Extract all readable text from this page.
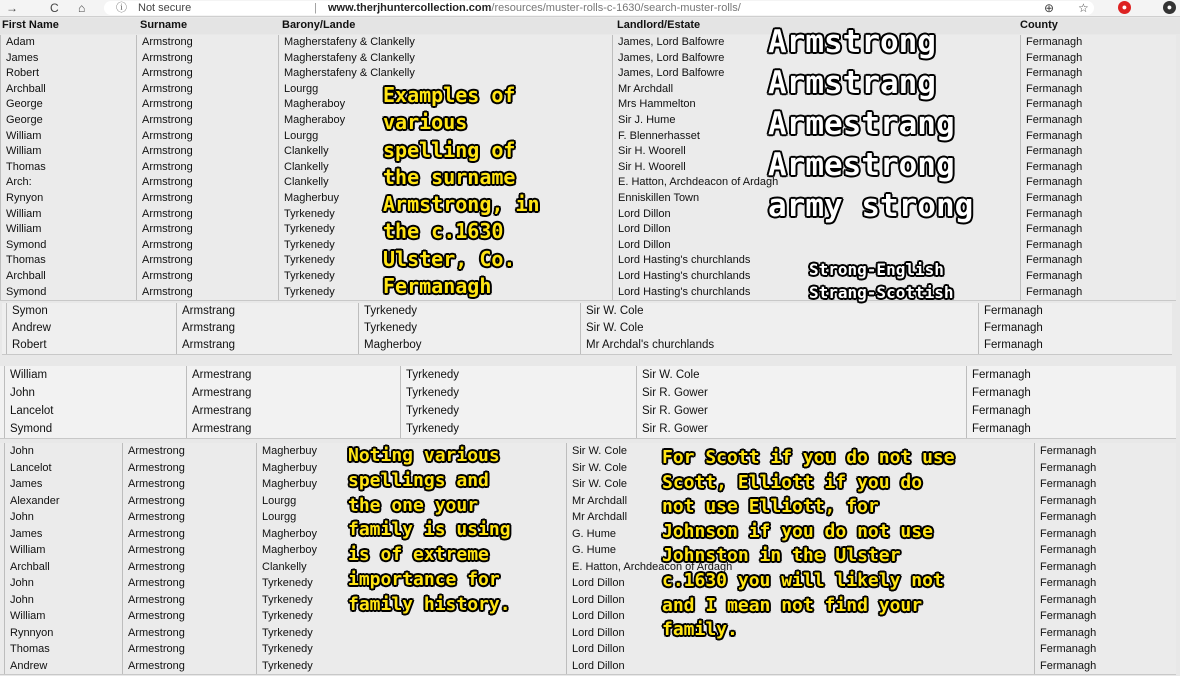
→	C ⌂	ⓘ Not secure	| www.therjhuntercollection.com/resources/muster-rolls-c-1630/search-muster-rolls/	⊕ ☆	●	●
First Name	Surname	Barony/Lande	Landlord/Estate	County
Adam	Armstrong	Magherstafeny & Clankelly	James, Lord Balfowre	Fermanagh
James	Armstrong	Magherstafeny & Clankelly	James, Lord Balfowre	Fermanagh
Robert	Armstrong	Magherstafeny & Clankelly	James, Lord Balfowre	Fermanagh
Archball	Armstrong	Lourgg	Mr Archdall	Fermanagh
George	Armstrong	Magheraboy	Mrs Hammelton	Fermanagh
George	Armstrong	Magheraboy	Sir J. Hume	Fermanagh
William	Armstrong	Lourgg	F. Blennerhasset	Fermanagh
William	Armstrong	Clankelly	Sir H. Woorell	Fermanagh
Thomas	Armstrong	Clankelly	Sir H. Woorell	Fermanagh
Arch:	Armstrong	Clankelly	E. Hatton, Archdeacon of Ardagh	Fermanagh
Rynyon	Armstrong	Magherbuy	Enniskillen Town	Fermanagh
William	Armstrong	Tyrkenedy	Lord Dillon	Fermanagh
William	Armstrong	Tyrkenedy	Lord Dillon	Fermanagh
Symond	Armstrong	Tyrkenedy	Lord Dillon	Fermanagh
Thomas	Armstrong	Tyrkenedy	Lord Hasting's churchlands	Fermanagh
Archball	Armstrong	Tyrkenedy	Lord Hasting's churchlands	Fermanagh
Symond	Armstrong	Tyrkenedy	Lord Hasting's churchlands	Fermanagh
Symon	Armstrang	Tyrkenedy	Sir W. Cole	Fermanagh
Andrew	Armstrang	Tyrkenedy	Sir W. Cole	Fermanagh
Robert	Armstrang	Magherboy	Mr Archdal's churchlands	Fermanagh
William	Armestrang	Tyrkenedy	Sir W. Cole	Fermanagh
John	Armestrang	Tyrkenedy	Sir R. Gower	Fermanagh
Lancelot	Armestrang	Tyrkenedy	Sir R. Gower	Fermanagh
Symond	Armestrang	Tyrkenedy	Sir R. Gower	Fermanagh
John	Armestrong	Magherbuy	Sir W. Cole	Fermanagh
Lancelot	Armestrong	Magherbuy	Sir W. Cole	Fermanagh
James	Armestrong	Magherbuy	Sir W. Cole	Fermanagh
Alexander	Armestrong	Lourgg	Mr Archdall	Fermanagh
John	Armestrong	Lourgg	Mr Archdall	Fermanagh
James	Armestrong	Magherboy	G. Hume	Fermanagh
William	Armestrong	Magherboy	G. Hume	Fermanagh
Archball	Armestrong	Clankelly	E. Hatton, Archdeacon of Ardagh	Fermanagh
John	Armestrong	Tyrkenedy	Lord Dillon	Fermanagh
John	Armestrong	Tyrkenedy	Lord Dillon	Fermanagh
William	Armestrong	Tyrkenedy	Lord Dillon	Fermanagh
Rynnyon	Armestrong	Tyrkenedy	Lord Dillon	Fermanagh
Thomas	Armestrong	Tyrkenedy	Lord Dillon	Fermanagh
Andrew	Armestrong	Tyrkenedy	Lord Dillon	Fermanagh
Armstrong
Armstrang
Armestrang
Armestrong
army strong
Examples of
various
spelling of
the surname
Armstrong, in
the c.1630
Ulster, Co.
Fermanagh
Strong-English
Strang-Scottish
Noting various
spellings and
the one your
family is using
is of extreme
importance for
family history.
For Scott if you do not use
Scott, Elliott if you do
not use Elliott, for
Johnson if you do not use
Johnston in the Ulster
c.1630 you will likely not
and I mean not find your
family.
